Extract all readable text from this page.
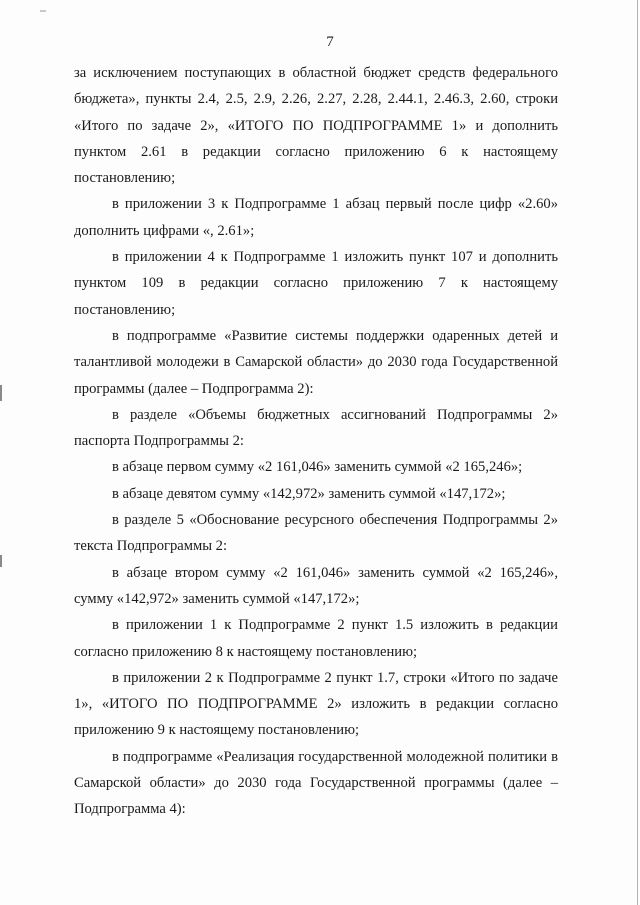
7

за исключением поступающих в областной бюджет средств федерального бюджета», пункты 2.4, 2.5, 2.9, 2.26, 2.27, 2.28, 2.44.1, 2.46.3, 2.60, строки «Итого по задаче 2», «ИТОГО ПО ПОДПРОГРАММЕ 1» и дополнить пунктом 2.61 в редакции согласно приложению 6 к настоящему постановлению;

в приложении 3 к Подпрограмме 1 абзац первый после цифр «2.60» дополнить цифрами «, 2.61»;

в приложении 4 к Подпрограмме 1 изложить пункт 107 и дополнить пунктом 109 в редакции согласно приложению 7 к настоящему постановлению;

в подпрограмме «Развитие системы поддержки одаренных детей и талантливой молодежи в Самарской области» до 2030 года Государственной программы (далее – Подпрограмма 2):

в разделе «Объемы бюджетных ассигнований Подпрограммы 2» паспорта Подпрограммы 2:

в абзаце первом сумму «2 161,046» заменить суммой «2 165,246»;

в абзаце девятом сумму «142,972» заменить суммой «147,172»;

в разделе 5 «Обоснование ресурсного обеспечения Подпрограммы 2» текста Подпрограммы 2:

в абзаце втором сумму «2 161,046» заменить суммой «2 165,246», сумму «142,972» заменить суммой «147,172»;

в приложении 1 к Подпрограмме 2 пункт 1.5 изложить в редакции согласно приложению 8 к настоящему постановлению;

в приложении 2 к Подпрограмме 2 пункт 1.7, строки «Итого по задаче 1», «ИТОГО ПО ПОДПРОГРАММЕ 2» изложить в редакции согласно приложению 9 к настоящему постановлению;

в подпрограмме «Реализация государственной молодежной политики в Самарской области» до 2030 года Государственной программы (далее – Подпрограмма 4):
